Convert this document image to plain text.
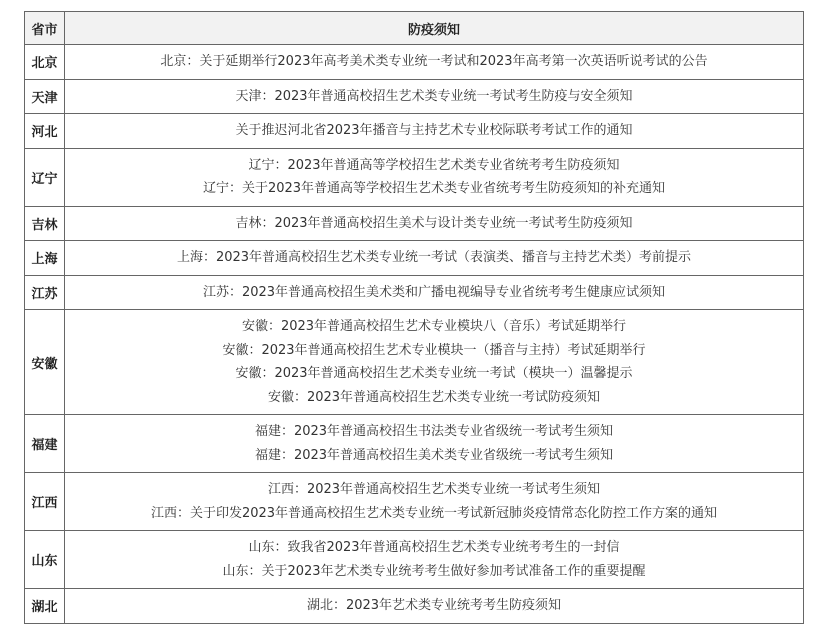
省市	防疫须知
北京	北京：关于延期举行2023年高考美术类专业统一考试和2023年高考第一次英语听说考试的公告

天津	天津：2023年普通高校招生艺术类专业统一考试考生防疫与安全须知

河北	关于推迟河北省2023年播音与主持艺术专业校际联考考试工作的通知

辽宁	辽宁：2023年普通高等学校招生艺术类专业省统考考生防疫须知
辽宁：关于2023年普通高等学校招生艺术类专业省统考考生防疫须知的补充通知

吉林	吉林：2023年普通高校招生美术与设计类专业统一考试考生防疫须知

上海	上海：2023年普通高校招生艺术类专业统一考试（表演类、播音与主持艺术类）考前提示

江苏	江苏：2023年普通高校招生美术类和广播电视编导专业省统考考生健康应试须知

安徽	安徽：2023年普通高校招生艺术专业模块八（音乐）考试延期举行
安徽：2023年普通高校招生艺术专业模块一（播音与主持）考试延期举行
安徽：2023年普通高校招生艺术类专业统一考试（模块一）温馨提示
安徽：2023年普通高校招生艺术类专业统一考试防疫须知

福建	福建：2023年普通高校招生书法类专业省级统一考试考生须知
福建：2023年普通高校招生美术类专业省级统一考试考生须知

江西	江西：2023年普通高校招生艺术类专业统一考试考生须知
江西：关于印发2023年普通高校招生艺术类专业统一考试新冠肺炎疫情常态化防控工作方案的通知

山东	山东：致我省2023年普通高校招生艺术类专业统考考生的一封信
山东：关于2023年艺术类专业统考考生做好参加考试准备工作的重要提醒

湖北	湖北：2023年艺术类专业统考考生防疫须知
